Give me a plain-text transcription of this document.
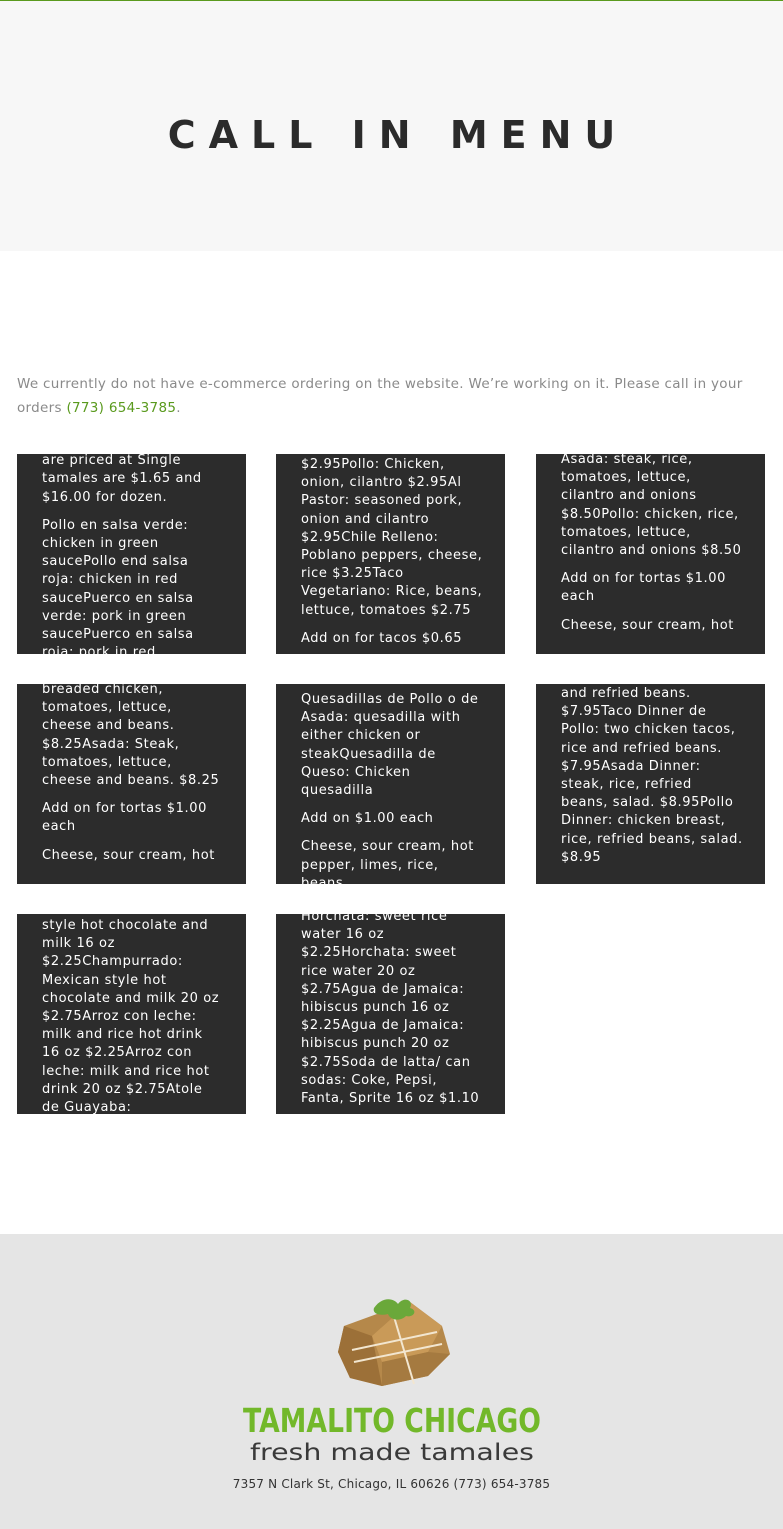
CALL IN MENU
We currently do not have e-commerce ordering on the website. We’re working on it. Please call in your orders (773) 654-3785.

All tamales on this list are priced at Single tamales are $1.65 and $16.00 for dozen.

Pollo en salsa verde: chicken in green saucePollo end salsa roja: chicken in red saucePuerco en salsa verde: pork in green saucePuerco en salsa roja: pork in red

$2.95Pollo: Chicken, onion, cilantro $2.95Al Pastor: seasoned pork, onion and cilantro $2.95Chile Relleno: Poblano peppers, cheese, rice $3.25Taco Vegetariano: Rice, beans, lettuce, tomatoes $2.75

Add on for tacos $0.65

Asada: steak, rice, tomatoes, lettuce, cilantro and onions $8.50Pollo: chicken, rice, tomatoes, lettuce, cilantro and onions $8.50

Add on for tortas $1.00 each

Cheese, sour cream, hot

breaded chicken, tomatoes, lettuce, cheese and beans. $8.25Asada: Steak, tomatoes, lettuce, cheese and beans. $8.25

Add on for tortas $1.00 each

Cheese, sour cream, hot

Quesadillas de Pollo o de Asada: quesadilla with either chicken or steakQuesadilla de Queso: Chicken quesadilla

Add on $1.00 each

Cheese, sour cream, hot pepper, limes, rice, beans

and refried beans. $7.95Taco Dinner de Pollo: two chicken tacos, rice and refried beans. $7.95Asada Dinner: steak, rice, refried beans, salad. $8.95Pollo Dinner: chicken breast, rice, refried beans, salad. $8.95

style hot chocolate and milk 16 oz $2.25Champurrado: Mexican style hot chocolate and milk 20 oz $2.75Arroz con leche: milk and rice hot drink 16 oz $2.25Arroz con leche: milk and rice hot drink 20 oz $2.75Atole de Guayaba:

Horchata: sweet rice water 16 oz $2.25Horchata: sweet rice water 20 oz $2.75Agua de Jamaica: hibiscus punch 16 oz $2.25Agua de Jamaica: hibiscus punch 20 oz $2.75Soda de latta/ can sodas: Coke, Pepsi, Fanta, Sprite 16 oz $1.10

TAMALITO CHICAGO
fresh made tamales
7357 N Clark St, Chicago, IL 60626 (773) 654-3785
